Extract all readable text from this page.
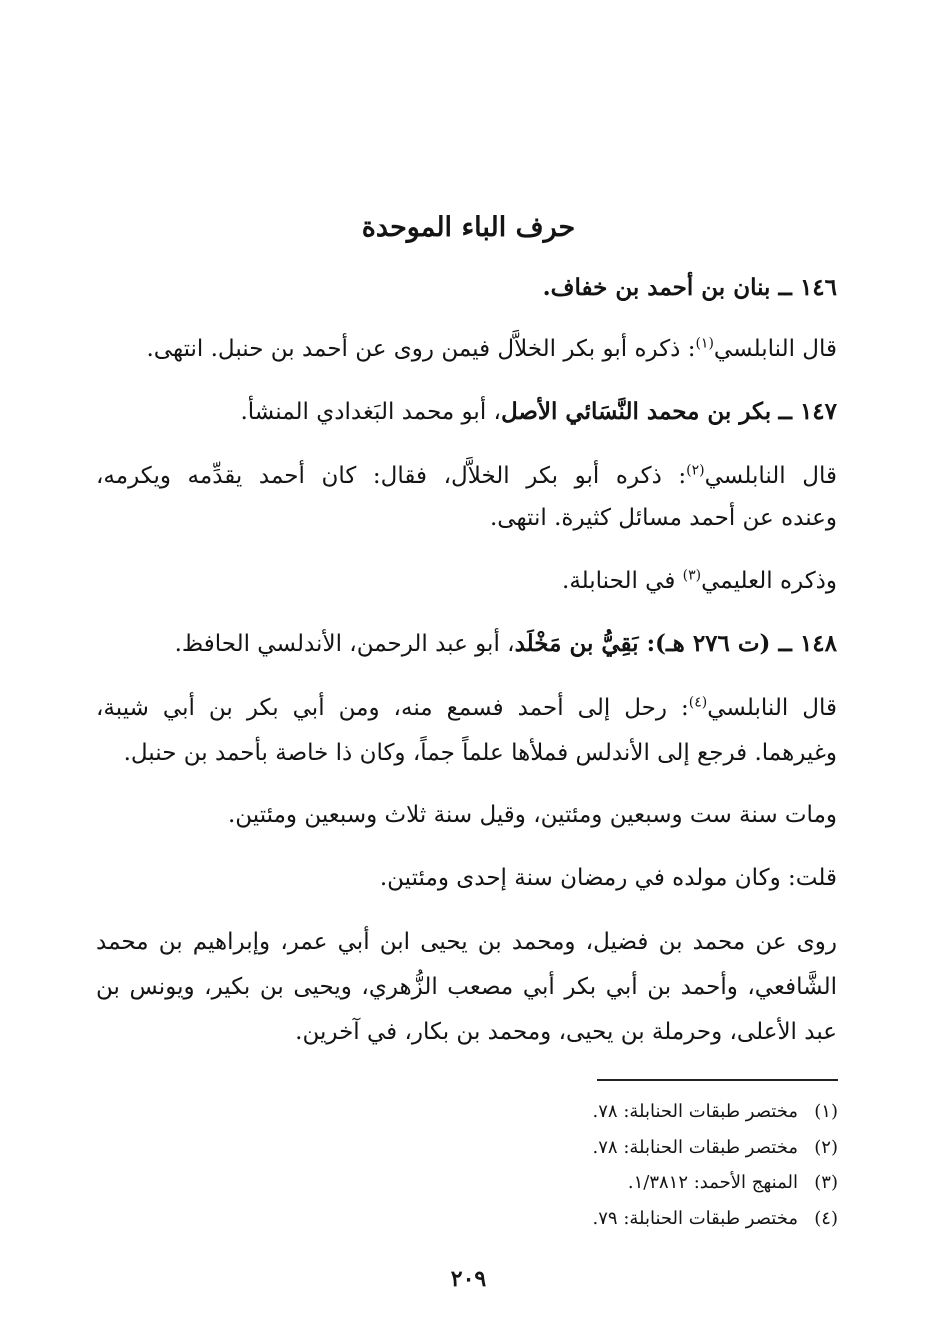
حرف الباء الموحدة
١٤٦ ــ بنان بن أحمد بن خفاف.
قال النابلسي$^{(١)}$: ذكره أبو بكر الخلاَّل فيمن روى عن أحمد بن حنبل. انتهى.
١٤٧ ــ بكر بن محمد النَّسَائي الأصل، أبو محمد البَغدادي المنشأ.
قال النابلسي$^{(٢)}$: ذكره أبو بكر الخلاَّل، فقال: كان أحمد يقدِّمه ويكرمه،
وعنده عن أحمد مسائل كثيرة. انتهى.
وذكره العليمي$^{(٣)}$ في الحنابلة.
١٤٨ ــ (ت ٢٧٦ هـ): بَقِيُّ بن مَخْلَد، أبو عبد الرحمن، الأندلسي الحافظ.
قال النابلسي$^{(٤)}$: رحل إلى أحمد فسمع منه، ومن أبي بكر بن أبي شيبة،
وغيرهما. فرجع إلى الأندلس فملأها علماً جماً، وكان ذا خاصة بأحمد بن حنبل.
ومات سنة ست وسبعين ومئتين، وقيل سنة ثلاث وسبعين ومئتين.
قلت: وكان مولده في رمضان سنة إحدى ومئتين.
روى عن محمد بن فضيل، ومحمد بن يحيى ابن أبي عمر، وإبراهيم بن محمد
الشَّافعي، وأحمد بن أبي بكر أبي مصعب الزُّهري، ويحيى بن بكير، ويونس بن
عبد الأعلى، وحرملة بن يحيى، ومحمد بن بكار، في آخرين.
(١)مختصر طبقات الحنابلة: ٧٨.
(٢)مختصر طبقات الحنابلة: ٧٨.
(٣)المنهج الأحمد: ١/٣٨١٢.
(٤)مختصر طبقات الحنابلة: ٧٩.
٢٠٩
